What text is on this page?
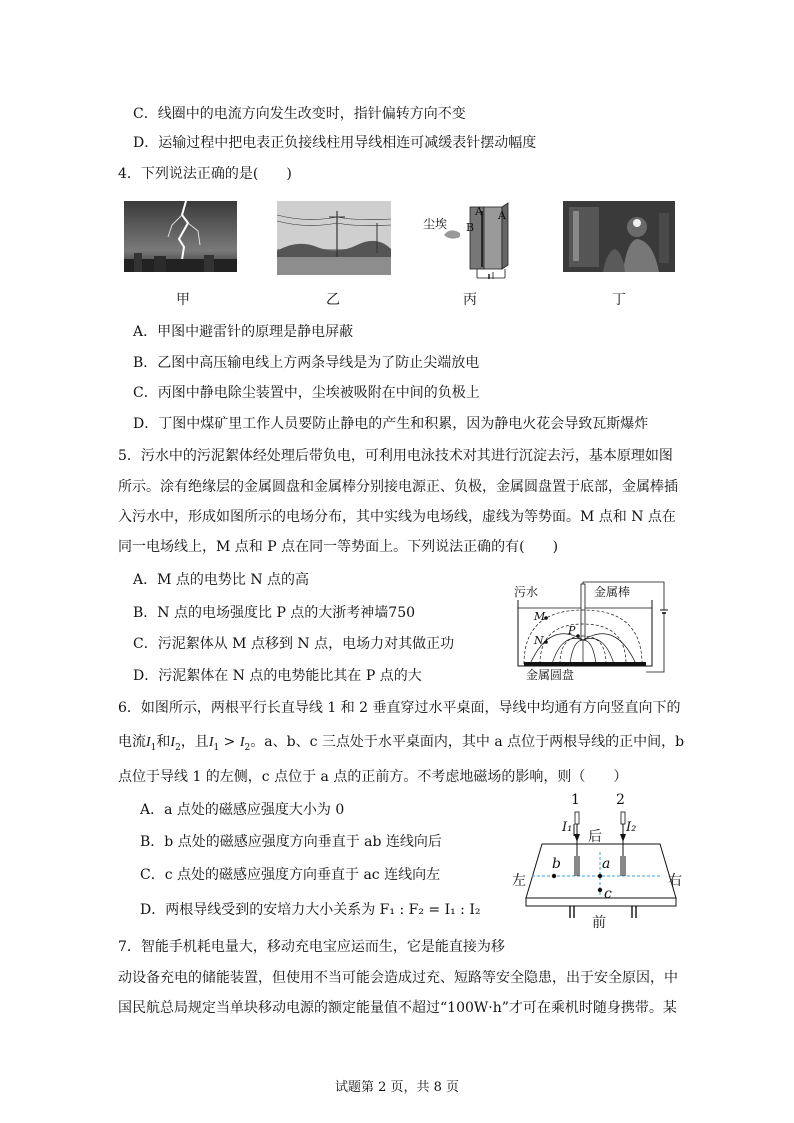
C．线圈中的电流方向发生改变时，指针偏转方向不变
D．运输过程中把电表正负接线柱用导线相连可减缓表针摆动幅度
4．下列说法正确的是(　　)
尘埃
A
B
A
甲	乙	丙	丁
A．甲图中避雷针的原理是静电屏蔽
B．乙图中高压输电线上方两条导线是为了防止尖端放电
C．丙图中静电除尘装置中，尘埃被吸附在中间的负极上
D．丁图中煤矿里工作人员要防止静电的产生和积累，因为静电火花会导致瓦斯爆炸
5．污水中的污泥絮体经处理后带负电，可利用电泳技术对其进行沉淀去污，基本原理如图
所示。涂有绝缘层的金属圆盘和金属棒分别接电源正、负极，金属圆盘置于底部，金属棒插
入污水中，形成如图所示的电场分布，其中实线为电场线，虚线为等势面。M 点和 N 点在
同一电场线上，M 点和 P 点在同一等势面上。下列说法正确的有(　　)
A．M 点的电势比 N 点的高
B．N 点的电场强度比 P 点的大浙考神墙750
C．污泥絮体从 M 点移到 N 点，电场力对其做正功
D．污泥絮体在 N 点的电势能比其在 P 点的大
污水	金属棒
M
N
P
金属圆盘
6．如图所示，两根平行长直导线 1 和 2 垂直穿过水平桌面，导线中均通有方向竖直向下的
电流$I_1$和$I_2$，且$I_1 > I_2$。a、b、c 三点处于水平桌面内，其中 a 点位于两根导线的正中间，b
点位于导线 1 的左侧，c 点位于 a 点的正前方。不考虑地磁场的影响，则（　　）
A．a 点处的磁感应强度大小为 0
B．b 点处的磁感应强度方向垂直于 ab 连线向后
C．c 点处的磁感应强度方向垂直于 ac 连线向左
D．两根导线受到的安培力大小关系为 F₁ : F₂ = I₁ : I₂
1	2
I₁	I₂
后
前
左	右
b	a
c
7．智能手机耗电量大，移动充电宝应运而生，它是能直接为移
动设备充电的储能装置，但使用不当可能会造成过充、短路等安全隐患，出于安全原因，中
国民航总局规定当单块移动电源的额定能量值不超过“100W·h”才可在乘机时随身携带。某
试题第 2 页，共 8 页
